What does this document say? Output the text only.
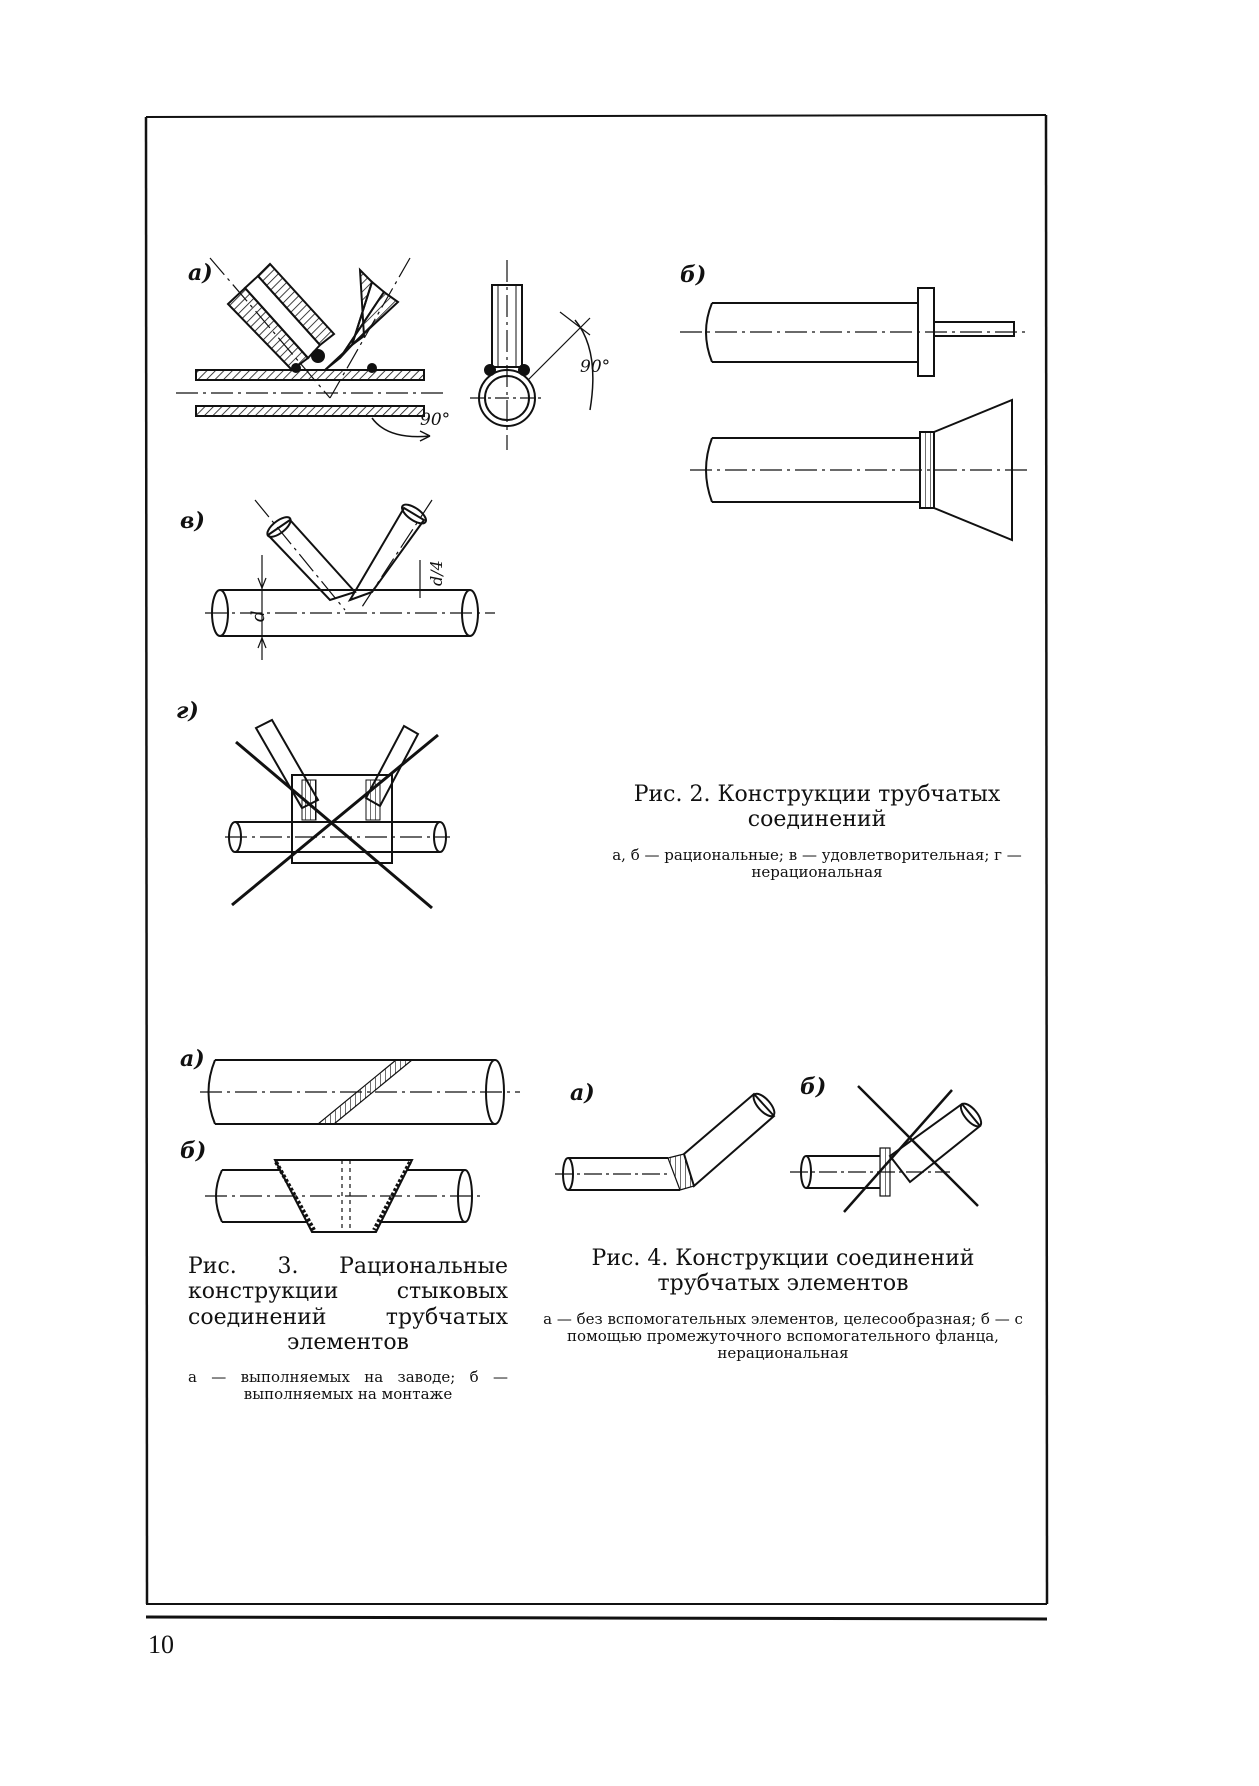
а)
90°
90°
б)
в)
d
d/4
г)
а)
б)
а)	б)
Рис. 2. Конструкции трубчатых соединений
а, б — рациональные; в — удовлетворительная; г — нерациональная
Рис. 3. Рациональные конструкции стыковых соединений трубчатых элементов
а — выполняемых на заводе; б — выполняемых на монтаже
Рис. 4. Конструкции соединений трубчатых элементов
а — без вспомогательных элементов, целесообразная; б — с помощью промежуточного вспомогательного фланца, нерациональная
10
